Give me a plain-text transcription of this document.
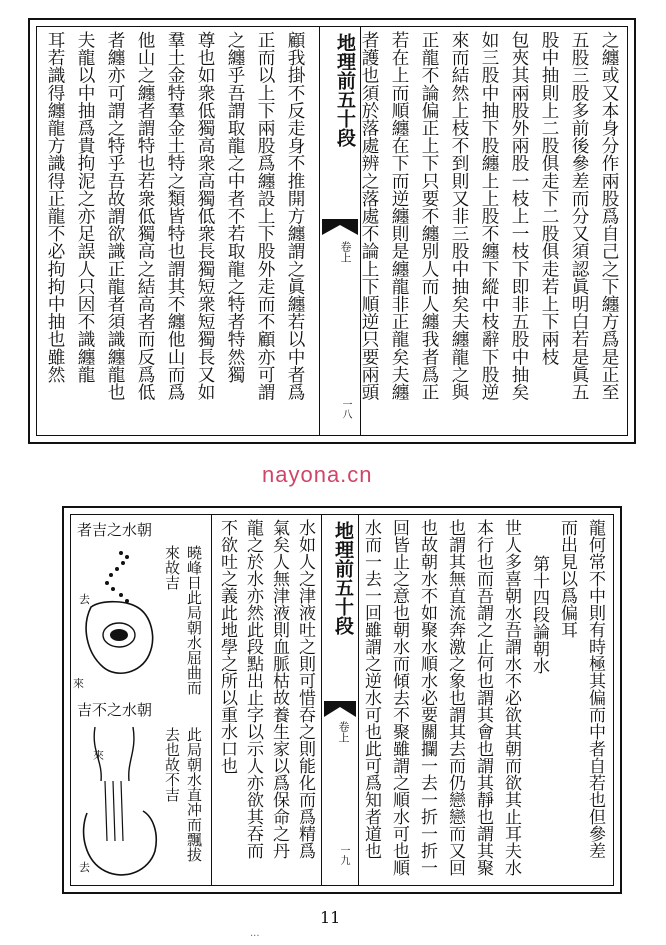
之纏或又本身分作兩股爲自己之下纏方爲是正至
五股三股多前後參差而分又須認眞明白若是眞五
股中抽則上二股俱走下二股俱走若上下兩枝
包夾其兩股外兩股一枝上一枝下即非五股中抽矣
如三股中抽下股纏上上股不纏下縱中枝辭下股逆
來而結然上枝不到則又非三股中抽矣夫纏龍之與
正龍不論偏正上下只要不纏別人而人纏我者爲正
若在上而順纏在下而逆纏則是纏龍非正龍矣夫纏
者護也須於落處辨之落處不論上下順逆只要兩頭
地理前五十段
卷上
一八
顧我掛不反走身不推開方纏謂之眞纏若以中者爲
正而以上下兩股爲纏設上下股外走而不顧亦可謂
之纏乎吾謂取龍之中者不若取龍之特者特然獨
尊也如衆低獨高衆高獨低衆長獨短衆短獨長又如
羣土金特羣金土特之類皆特也謂其不纏他山而爲
他山之纏者謂特也若衆低獨高之結高者而反爲低
者纏亦可謂之特乎吾故謂欲識正龍者須識纏龍也
夫龍以中抽爲貴拘泥之亦足誤人只因不識纏龍
耳若識得纏龍方識得正龍不必拘拘中抽也雖然
nayona.cn
龍何常不中則有時極其偏而中者自若也但參差
而出見以爲偏耳
第十四段論朝水
世人多喜朝水吾謂水不必欲其朝而欲其止耳夫水
本行也而吾謂之止何也謂其會也謂其靜也謂其聚
也謂其無直流奔激之象也謂其去而仍戀戀而又回
也故朝水不如聚水順水必要關攔一去一折一折一
回皆止之意也朝水而傾去不聚雖謂之順水可也順
水而一去一回雖謂之逆水可也此可爲知者道也
地理前五十段
卷上
一九
水如人之津液吐之則可惜吞之則能化而爲精爲
氣矣人無津液則血脈枯故養生家以爲保命之丹
龍之於水亦然此段點出止字以示人亦欲其吞而
不欲吐之義此地學之所以重水口也
朝水之吉者
曉峰日此局朝水屈曲而
來故吉
去
朝水之不吉
此局朝水直冲而飄拔
去也故不吉
去
來
來
11
...
